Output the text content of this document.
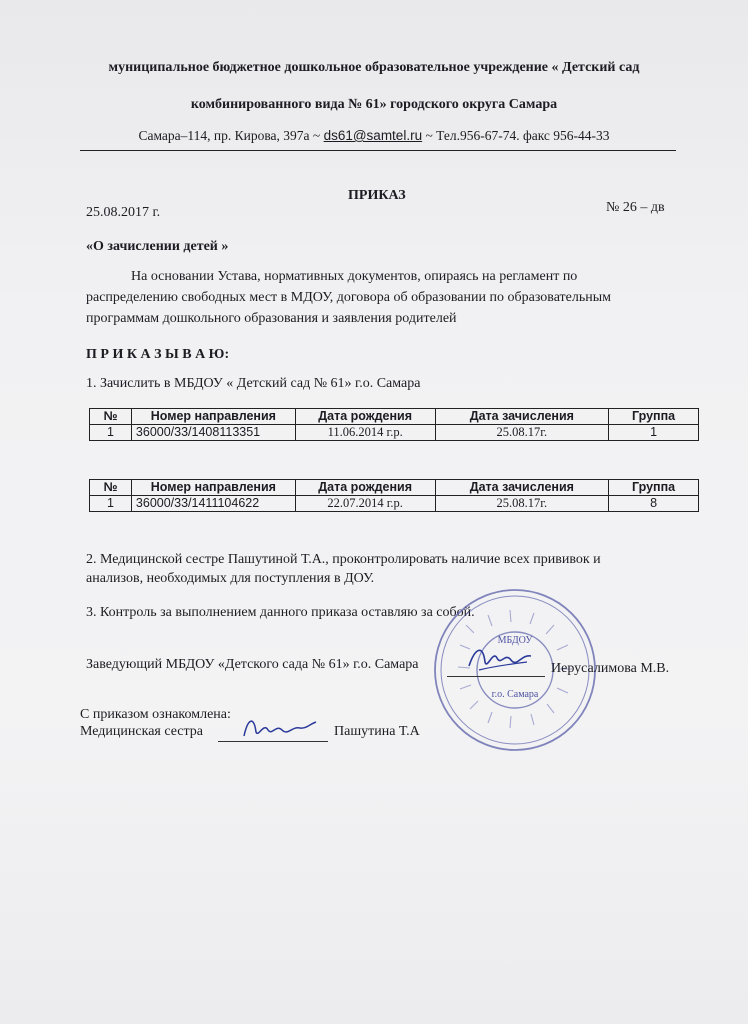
муниципальное бюджетное дошкольное образовательное учреждение « Детский сад
комбинированного вида № 61» городского округа Самара
Самара–114, пр. Кирова, 397а ~ ds61@samtel.ru ~ Тел.956-67-74. факс 956-44-33
ПРИКАЗ
25.08.2017 г.	№ 26 – дв
«О зачислении детей »
На основании Устава, нормативных документов, опираясь на регламент по
распределению свободных мест в МДОУ, договора об образовании по образовательным
программам дошкольного образования и заявления родителей
П Р И К А З Ы В А Ю:
1. Зачислить в МБДОУ « Детский сад № 61» г.о. Самара
№	Номер направления	Дата рождения	Дата зачисления	Группа
1	36000/33/1408113351	11.06.2014 г.р.	25.08.17г.	1
№	Номер направления	Дата рождения	Дата зачисления	Группа
1	36000/33/1411104622	22.07.2014 г.р.	25.08.17г.	8
2. Медицинской сестре Пашутиной Т.А., проконтролировать наличие всех прививок и
анализов, необходимых для поступления в ДОУ.
3. Контроль за выполнением данного приказа оставляю за собой.
МБДОУ
г.о. Самара
Заведующий МБДОУ «Детского сада № 61» г.о. Самара	Иерусалимова М.В.
С приказом ознакомлена:
Медицинская сестра	Пашутина Т.А
